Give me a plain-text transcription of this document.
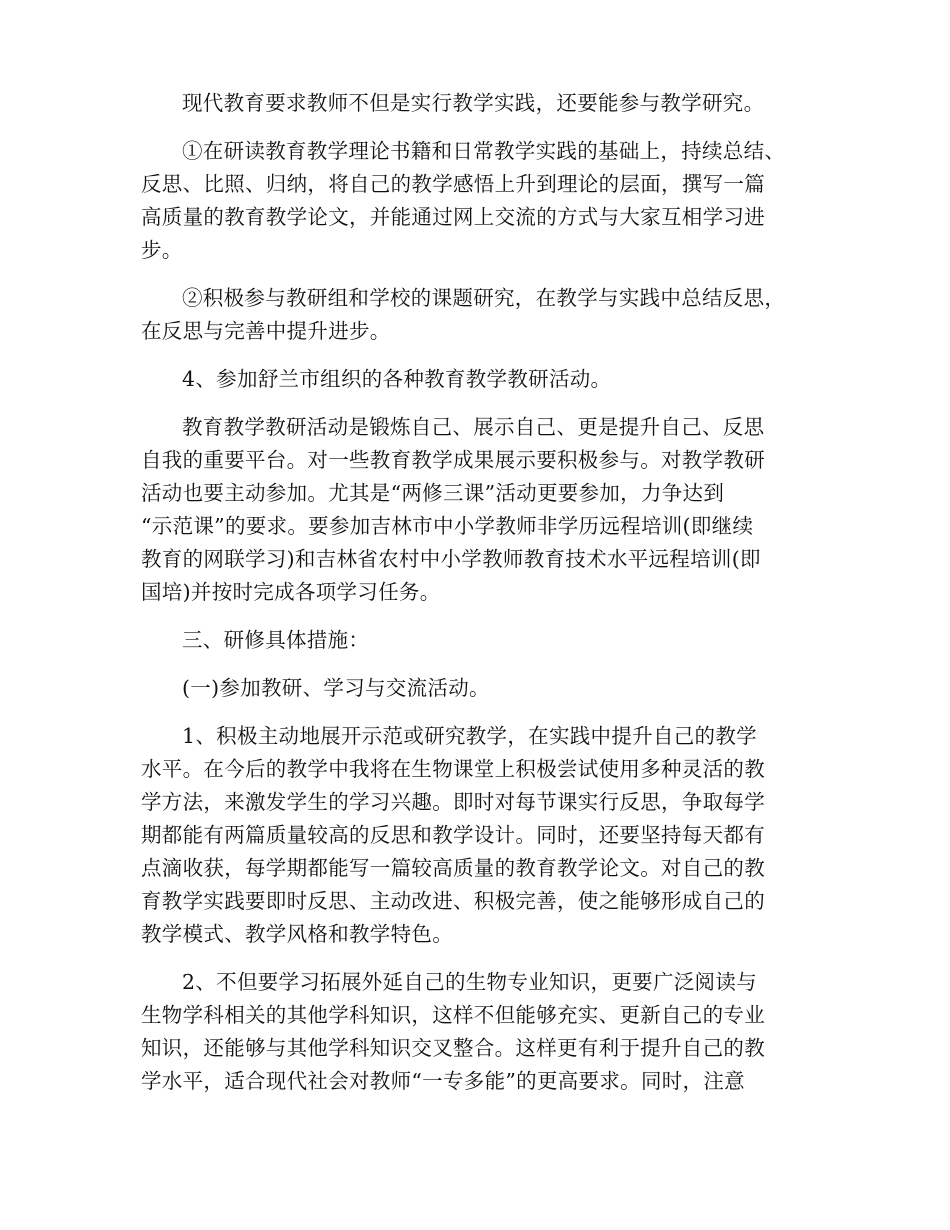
现代教育要求教师不但是实行教学实践，还要能参与教学研究。

①在研读教育教学理论书籍和日常教学实践的基础上，持续总结、
反思、比照、归纳，将自己的教学感悟上升到理论的层面，撰写一篇
高质量的教育教学论文，并能通过网上交流的方式与大家互相学习进
步。

②积极参与教研组和学校的课题研究，在教学与实践中总结反思，
在反思与完善中提升进步。

4、参加舒兰市组织的各种教育教学教研活动。

教育教学教研活动是锻炼自己、展示自己、更是提升自己、反思
自我的重要平台。对一些教育教学成果展示要积极参与。对教学教研
活动也要主动参加。尤其是“两修三课”活动更要参加，力争达到
“示范课”的要求。要参加吉林市中小学教师非学历远程培训(即继续
教育的网联学习)和吉林省农村中小学教师教育技术水平远程培训(即
国培)并按时完成各项学习任务。

三、研修具体措施：

(一)参加教研、学习与交流活动。

1、积极主动地展开示范或研究教学，在实践中提升自己的教学
水平。在今后的教学中我将在生物课堂上积极尝试使用多种灵活的教
学方法，来激发学生的学习兴趣。即时对每节课实行反思，争取每学
期都能有两篇质量较高的反思和教学设计。同时，还要坚持每天都有
点滴收获，每学期都能写一篇较高质量的教育教学论文。对自己的教
育教学实践要即时反思、主动改进、积极完善，使之能够形成自己的
教学模式、教学风格和教学特色。

2、不但要学习拓展外延自己的生物专业知识，更要广泛阅读与
生物学科相关的其他学科知识，这样不但能够充实、更新自己的专业
知识，还能够与其他学科知识交叉整合。这样更有利于提升自己的教
学水平，适合现代社会对教师“一专多能”的更高要求。同时，注意
